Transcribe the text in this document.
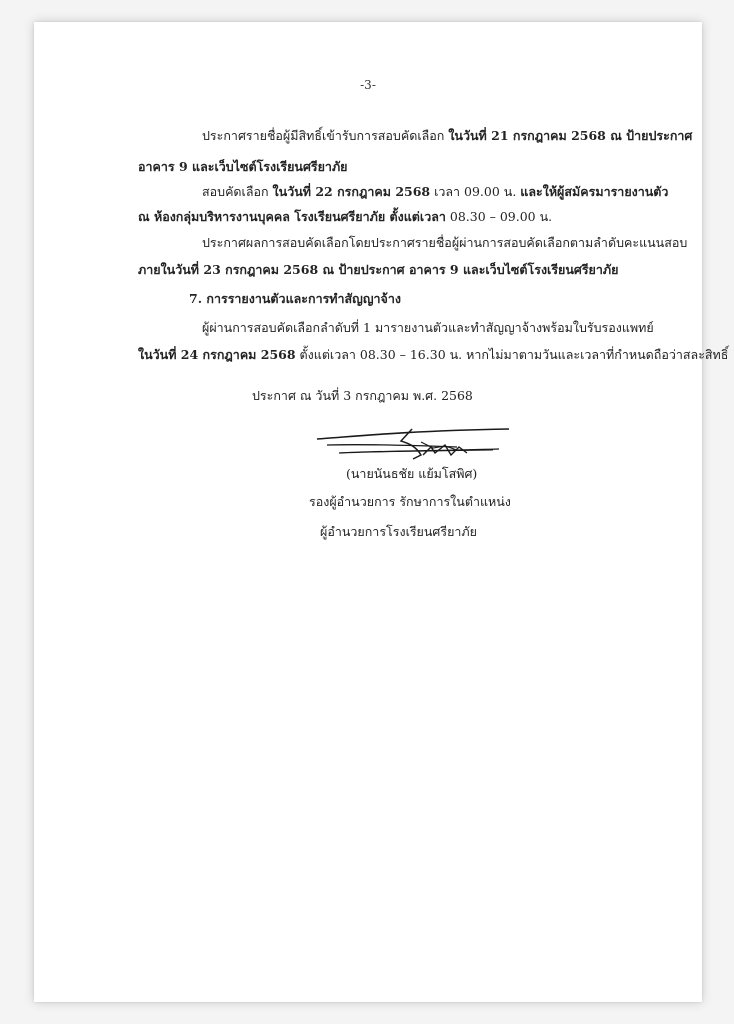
-3-
ประกาศรายชื่อผู้มีสิทธิ์เข้ารับการสอบคัดเลือก ในวันที่ 21 กรกฎาคม 2568 ณ ป้ายประกาศ
อาคาร 9 และเว็บไซต์โรงเรียนศรียาภัย
สอบคัดเลือก ในวันที่ 22 กรกฎาคม 2568 เวลา 09.00 น. และให้ผู้สมัครมารายงานตัว
ณ ห้องกลุ่มบริหารงานบุคคล โรงเรียนศรียาภัย ตั้งแต่เวลา 08.30 – 09.00 น.
ประกาศผลการสอบคัดเลือกโดยประกาศรายชื่อผู้ผ่านการสอบคัดเลือกตามลำดับคะแนนสอบ
ภายในวันที่ 23 กรกฎาคม 2568 ณ ป้ายประกาศ อาคาร 9 และเว็บไซต์โรงเรียนศรียาภัย
7. การรายงานตัวและการทำสัญญาจ้าง
ผู้ผ่านการสอบคัดเลือกลำดับที่ 1 มารายงานตัวและทำสัญญาจ้างพร้อมใบรับรองแพทย์
ในวันที่ 24 กรกฎาคม 2568 ตั้งแต่เวลา 08.30 – 16.30 น. หากไม่มาตามวันและเวลาที่กำหนดถือว่าสละสิทธิ์
ประกาศ ณ วันที่ 3 กรกฎาคม พ.ศ. 2568
(นายนันธชัย แย้มโสพิศ)
รองผู้อำนวยการ รักษาการในตำแหน่ง
ผู้อำนวยการโรงเรียนศรียาภัย
